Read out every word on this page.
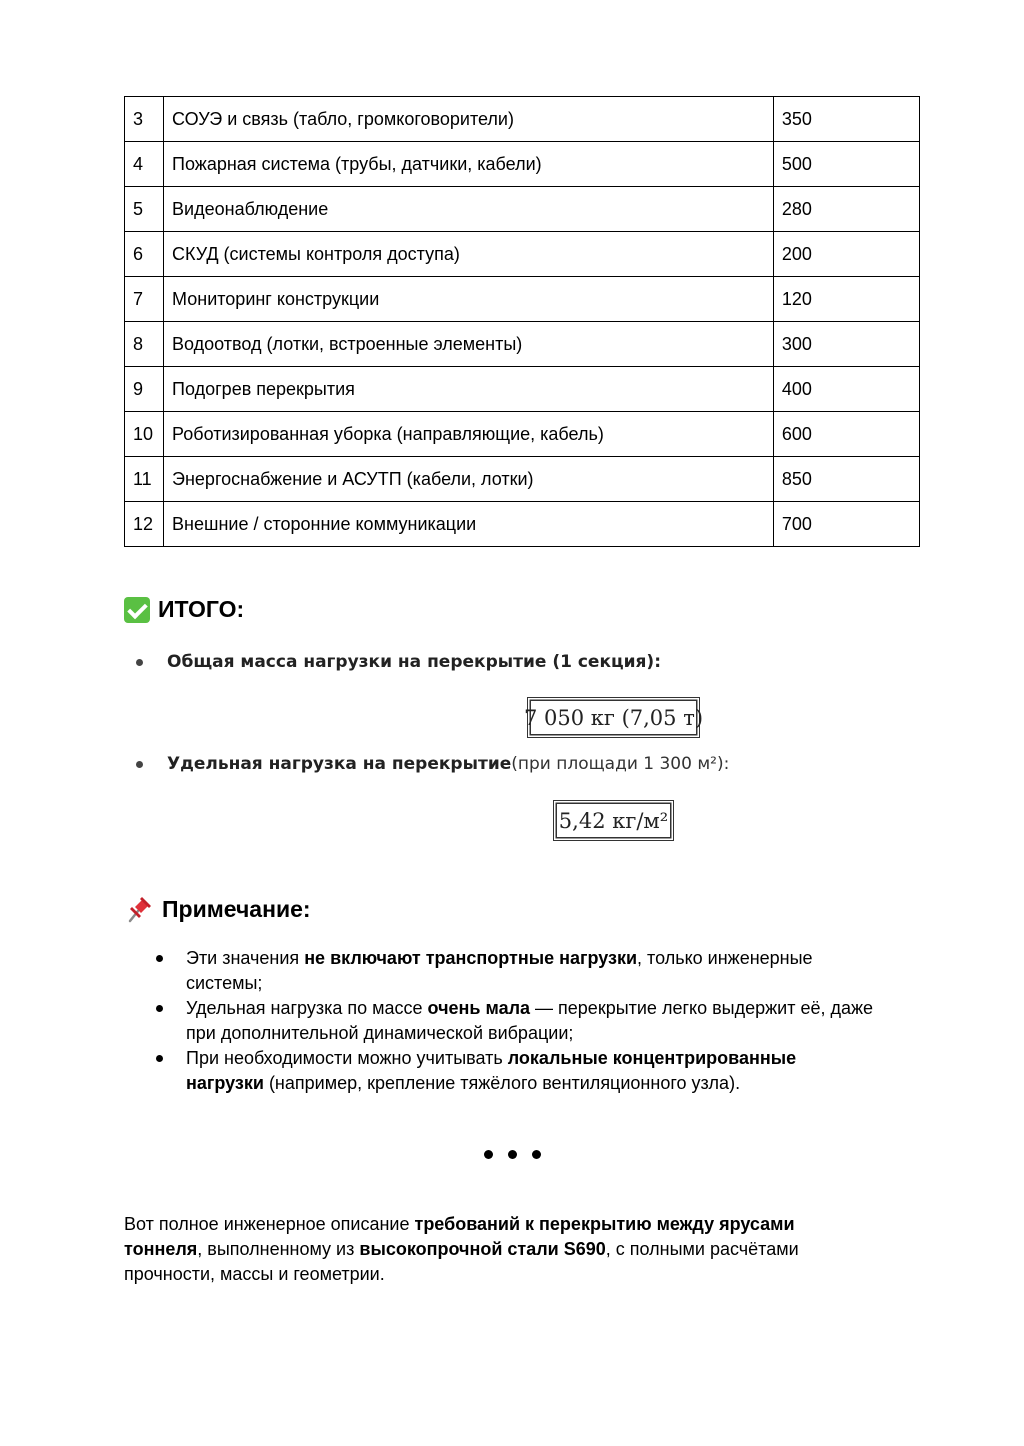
3	СОУЭ и связь (табло, громкоговорители)	350
4	Пожарная система (трубы, датчики, кабели)	500
5	Видеонаблюдение	280
6	СКУД (системы контроля доступа)	200
7	Мониторинг конструкции	120
8	Водоотвод (лотки, встроенные элементы)	300
9	Подогрев перекрытия	400
10	Роботизированная уборка (направляющие, кабель)	600
11	Энергоснабжение и АСУТП (кабели, лотки)	850
12	Внешние / сторонние коммуникации	700
ИТОГО:
Общая масса нагрузки на перекрытие (1 секция):
7 050 кг (7,05 т)
Удельная нагрузка на перекрытие (при площади 1 300 м²):
5,42 кг/м²
Примечание:
Эти значения не включают транспортные нагрузки, только инженерные системы;
Удельная нагрузка по массе очень мала — перекрытие легко выдержит её, даже при дополнительной динамической вибрации;
При необходимости можно учитывать локальные концентрированные нагрузки (например, крепление тяжёлого вентиляционного узла).

Вот полное инженерное описание требований к перекрытию между ярусами тоннеля, выполненному из высокопрочной стали S690, с полными расчётами прочности, массы и геометрии.
